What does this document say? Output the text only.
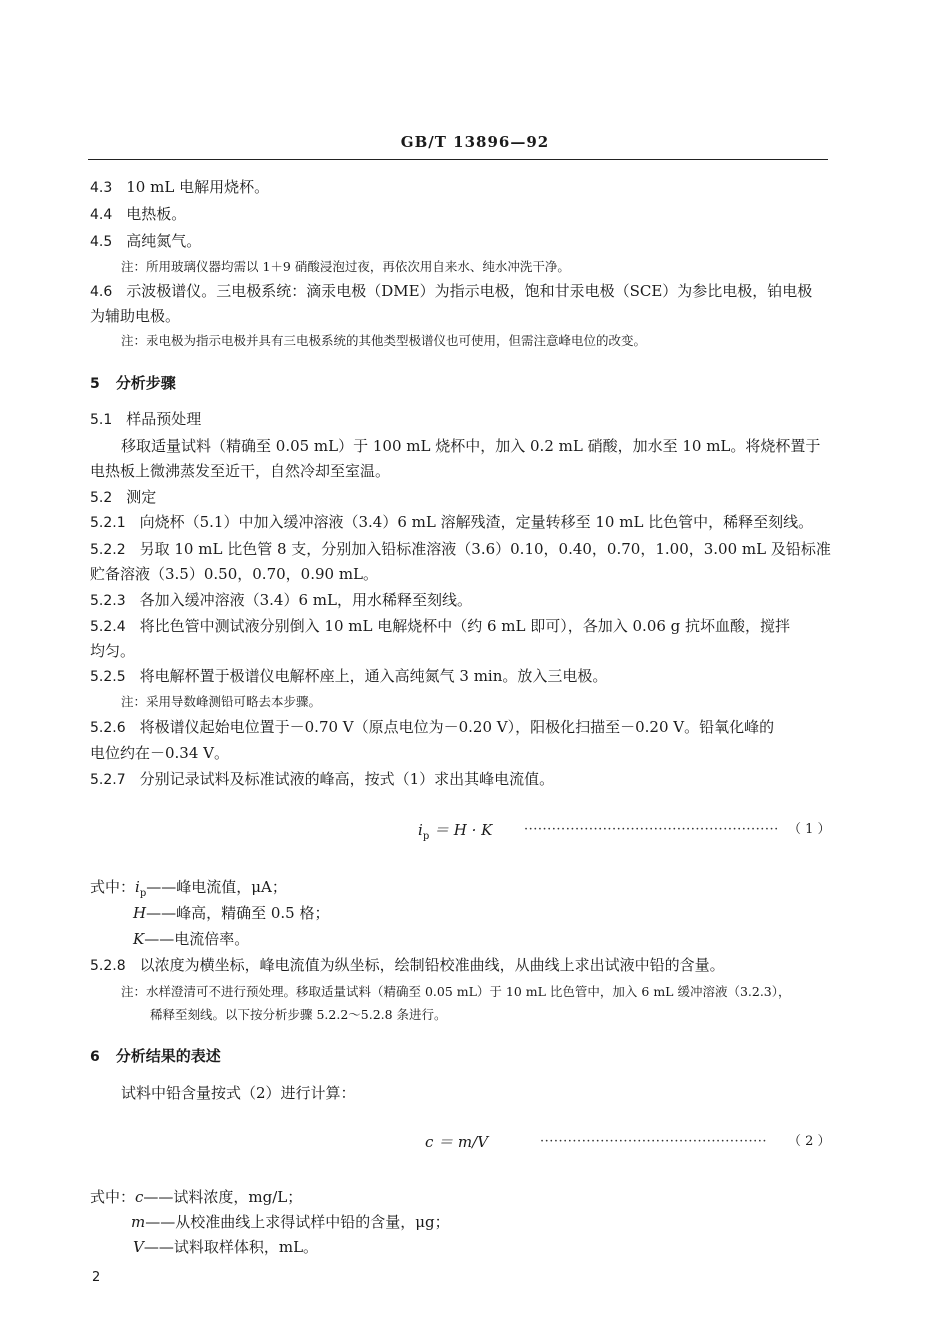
GB/T 13896—92
4.3 10 mL 电解用烧杯。
4.4 电热板。
4.5 高纯氮气。
注：所用玻璃仪器均需以 1＋9 硝酸浸泡过夜，再依次用自来水、纯水冲洗干净。
4.6 示波极谱仪。三电极系统：滴汞电极（DME）为指示电极，饱和甘汞电极（SCE）为参比电极，铂电极
为辅助电极。
注：汞电极为指示电极并具有三电极系统的其他类型极谱仪也可使用，但需注意峰电位的改变。
5 分析步骤
5.1 样品预处理
移取适量试料（精确至 0.05 mL）于 100 mL 烧杯中，加入 0.2 mL 硝酸，加水至 10 mL。将烧杯置于
电热板上微沸蒸发至近干，自然冷却至室温。
5.2 测定
5.2.1 向烧杯（5.1）中加入缓冲溶液（3.4）6 mL 溶解残渣，定量转移至 10 mL 比色管中，稀释至刻线。
5.2.2 另取 10 mL 比色管 8 支，分别加入铅标准溶液（3.6）0.10，0.40，0.70，1.00，3.00 mL 及铅标准
贮备溶液（3.5）0.50，0.70，0.90 mL。
5.2.3 各加入缓冲溶液（3.4）6 mL，用水稀释至刻线。
5.2.4 将比色管中测试液分别倒入 10 mL 电解烧杯中（约 6 mL 即可），各加入 0.06 g 抗坏血酸，搅拌
均匀。
5.2.5 将电解杯置于极谱仪电解杯座上，通入高纯氮气 3 min。放入三电极。
注：采用导数峰测铅可略去本步骤。
5.2.6 将极谱仪起始电位置于－0.70 V（原点电位为－0.20 V），阳极化扫描至－0.20 V。铅氧化峰的
电位约在－0.34 V。
5.2.7 分别记录试料及标准试液的峰高，按式（1）求出其峰电流值。
$i_p = H \cdot K$ ······················································· （ 1 ）
式中：$i_p——$峰电流值，μA；
H——峰高，精确至 0.5 格；
K——电流倍率。
5.2.8 以浓度为横坐标，峰电流值为纵坐标，绘制铅校准曲线，从曲线上求出试液中铅的含量。
注：水样澄清可不进行预处理。移取适量试料（精确至 0.05 mL）于 10 mL 比色管中，加入 6 mL 缓冲溶液（3.2.3），
稀释至刻线。以下按分析步骤 5.2.2～5.2.8 条进行。
6 分析结果的表述
试料中铅含量按式（2）进行计算：
c ＝ m/V	················································· （ 2 ）
式中：c——试料浓度，mg/L；
m——从校准曲线上求得试样中铅的含量，μg；
V——试料取样体积，mL。
2
